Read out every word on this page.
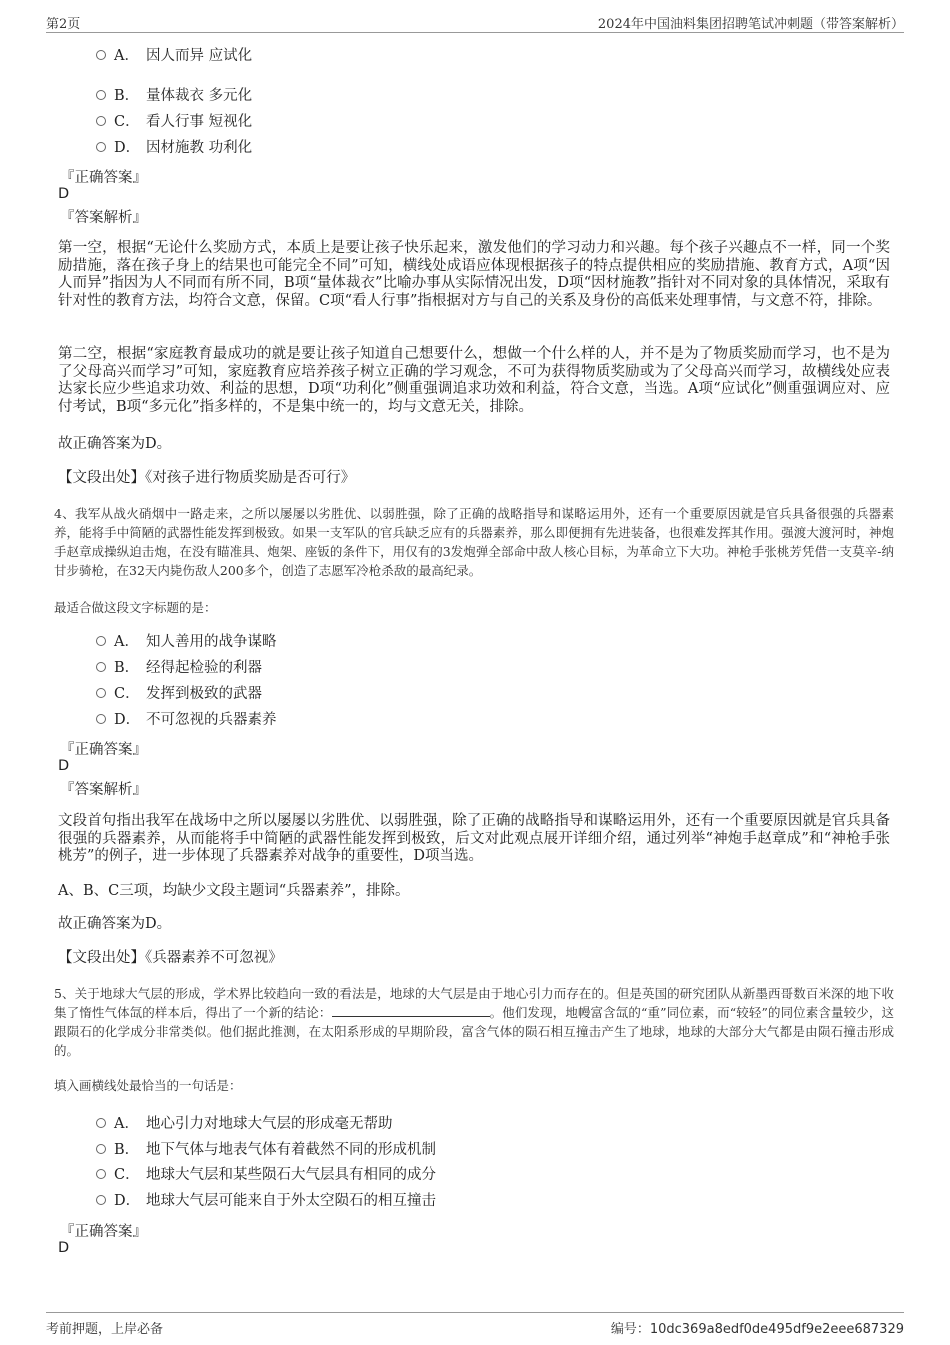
第2页	2024年中国油料集团招聘笔试冲刺题（带答案解析）
A． 因人而异 应试化
B． 量体裁衣 多元化
C． 看人行事 短视化
D． 因材施教 功利化
『正确答案』
D
『答案解析』
第一空，根据“无论什么奖励方式，本质上是要让孩子快乐起来，激发他们的学习动力和兴趣。每个孩子兴趣点不一样，同一个奖励措施，落在孩子身上的结果也可能完全不同”可知，横线处成语应体现根据孩子的特点提供相应的奖励措施、教育方式，A项“因人而异”指因为人不同而有所不同，B项“量体裁衣”比喻办事从实际情况出发，D项“因材施教”指针对不同对象的具体情况，采取有针对性的教育方法，均符合文意，保留。C项“看人行事”指根据对方与自己的关系及身份的高低来处理事情，与文意不符，排除。
第二空，根据“家庭教育最成功的就是要让孩子知道自己想要什么，想做一个什么样的人，并不是为了物质奖励而学习，也不是为了父母高兴而学习”可知，家庭教育应培养孩子树立正确的学习观念，不可为获得物质奖励或为了父母高兴而学习，故横线处应表达家长应少些追求功效、利益的思想，D项“功利化”侧重强调追求功效和利益，符合文意，当选。A项“应试化”侧重强调应对、应付考试，B项“多元化”指多样的，不是集中统一的，均与文意无关，排除。
故正确答案为D。
【文段出处】《对孩子进行物质奖励是否可行》
4、我军从战火硝烟中一路走来，之所以屡屡以劣胜优、以弱胜强，除了正确的战略指导和谋略运用外，还有一个重要原因就是官兵具备很强的兵器素养，能将手中简陋的武器性能发挥到极致。如果一支军队的官兵缺乏应有的兵器素养，那么即便拥有先进装备，也很难发挥其作用。强渡大渡河时，神炮手赵章成操纵迫击炮，在没有瞄准具、炮架、座钣的条件下，用仅有的3发炮弹全部命中敌人核心目标，为革命立下大功。神枪手张桃芳凭借一支莫辛-纳甘步骑枪，在32天内毙伤敌人200多个，创造了志愿军冷枪杀敌的最高纪录。
最适合做这段文字标题的是：
A． 知人善用的战争谋略
B． 经得起检验的利器
C． 发挥到极致的武器
D． 不可忽视的兵器素养
『正确答案』
D
『答案解析』
文段首句指出我军在战场中之所以屡屡以劣胜优、以弱胜强，除了正确的战略指导和谋略运用外，还有一个重要原因就是官兵具备很强的兵器素养，从而能将手中简陋的武器性能发挥到极致，后文对此观点展开详细介绍，通过列举“神炮手赵章成”和“神枪手张桃芳”的例子，进一步体现了兵器素养对战争的重要性，D项当选。
A、B、C三项，均缺少文段主题词“兵器素养”，排除。
故正确答案为D。
【文段出处】《兵器素养不可忽视》
5、关于地球大气层的形成，学术界比较趋向一致的看法是，地球的大气层是由于地心引力而存在的。但是英国的研究团队从新墨西哥数百米深的地下收集了惰性气体氙的样本后，得出了一个新的结论：	。他们发现，地幔富含氙的“重”同位素，而“较轻”的同位素含量较少，这跟陨石的化学成分非常类似。他们据此推测，在太阳系形成的早期阶段，富含气体的陨石相互撞击产生了地球，地球的大部分大气都是由陨石撞击形成的。
填入画横线处最恰当的一句话是：
A． 地心引力对地球大气层的形成毫无帮助
B． 地下气体与地表气体有着截然不同的形成机制
C． 地球大气层和某些陨石大气层具有相同的成分
D． 地球大气层可能来自于外太空陨石的相互撞击
『正确答案』
D
考前押题，上岸必备	编号：10dc369a8edf0de495df9e2eee687329
